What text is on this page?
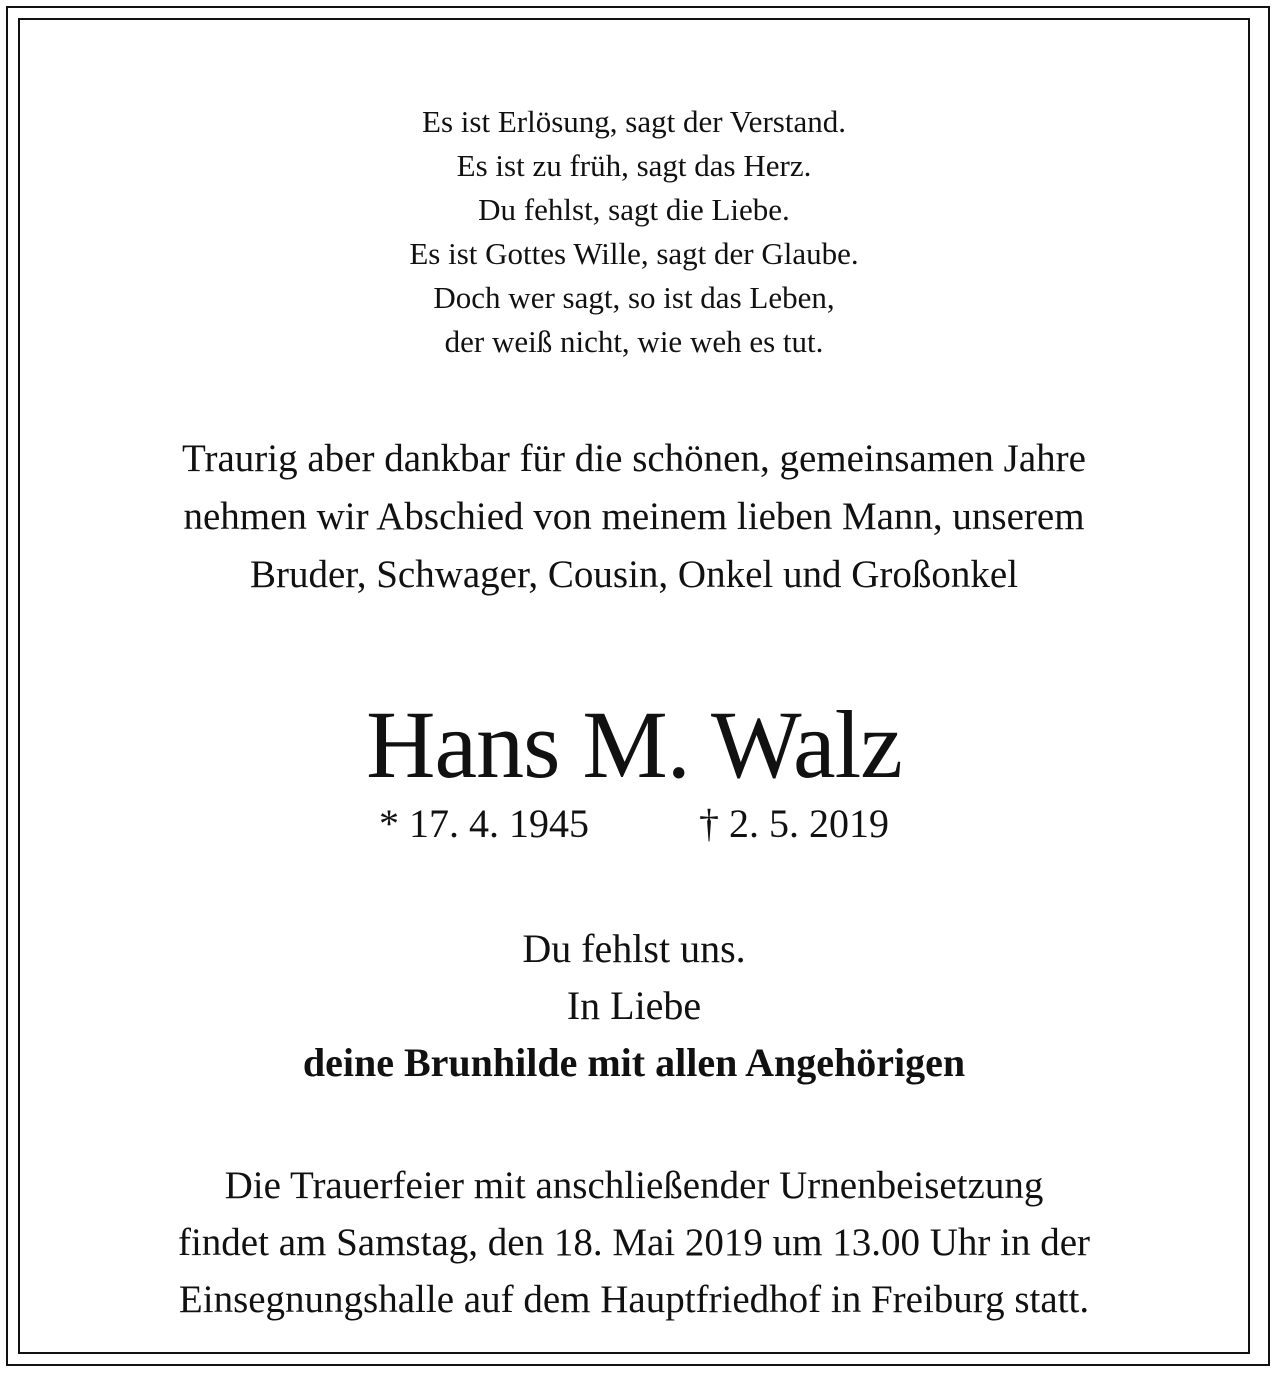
Es ist Erlösung, sagt der Verstand.
Es ist zu früh, sagt das Herz.
Du fehlst, sagt die Liebe.
Es ist Gottes Wille, sagt der Glaube.
Doch wer sagt, so ist das Leben,
der weiß nicht, wie weh es tut.
Traurig aber dankbar für die schönen, gemeinsamen Jahre
nehmen wir Abschied von meinem lieben Mann, unserem
Bruder, Schwager, Cousin, Onkel und Großonkel
Hans M. Walz
* 17. 4. 1945	† 2. 5. 2019
Du fehlst uns.
In Liebe
deine Brunhilde mit allen Angehörigen
Die Trauerfeier mit anschließender Urnenbeisetzung
findet am Samstag, den 18. Mai 2019 um 13.00 Uhr in der
Einsegnungshalle auf dem Hauptfriedhof in Freiburg statt.
